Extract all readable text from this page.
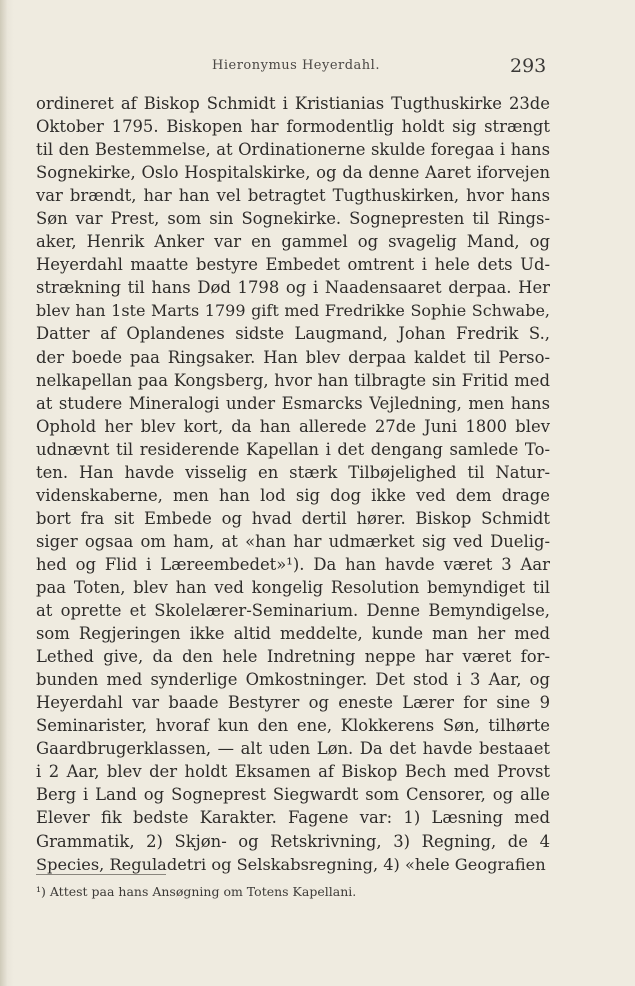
Hieronymus Heyerdahl.	293
ordineret af Biskop Schmidt i Kristianias Tugthuskirke 23de
Oktober 1795. Biskopen har formodentlig holdt sig strængt
til den Bestemmelse, at Ordinationerne skulde foregaa i hans
Sognekirke, Oslo Hospitalskirke, og da denne Aaret iforvejen
var brændt, har han vel betragtet Tugthuskirken, hvor hans
Søn var Prest, som sin Sognekirke. Sognepresten til Rings-
aker, Henrik Anker var en gammel og svagelig Mand, og
Heyerdahl maatte bestyre Embedet omtrent i hele dets Ud-
strækning til hans Død 1798 og i Naadensaaret derpaa. Her
blev han 1ste Marts 1799 gift med Fredrikke Sophie Schwabe,
Datter af Oplandenes sidste Laugmand, Johan Fredrik S.,
der boede paa Ringsaker. Han blev derpaa kaldet til Perso-
nelkapellan paa Kongsberg, hvor han tilbragte sin Fritid med
at studere Mineralogi under Esmarcks Vejledning, men hans
Ophold her blev kort, da han allerede 27de Juni 1800 blev
udnævnt til residerende Kapellan i det dengang samlede To-
ten. Han havde visselig en stærk Tilbøjelighed til Natur-
videnskaberne, men han lod sig dog ikke ved dem drage
bort fra sit Embede og hvad dertil hører. Biskop Schmidt
siger ogsaa om ham, at «han har udmærket sig ved Duelig-
hed og Flid i Læreembedet»¹). Da han havde været 3 Aar
paa Toten, blev han ved kongelig Resolution bemyndiget til
at oprette et Skolelærer-Seminarium. Denne Bemyndigelse,
som Regjeringen ikke altid meddelte, kunde man her med
Lethed give, da den hele Indretning neppe har været for-
bunden med synderlige Omkostninger. Det stod i 3 Aar, og
Heyerdahl var baade Bestyrer og eneste Lærer for sine 9
Seminarister, hvoraf kun den ene, Klokkerens Søn, tilhørte
Gaardbrugerklassen, — alt uden Løn. Da det havde bestaaet
i 2 Aar, blev der holdt Eksamen af Biskop Bech med Provst
Berg i Land og Sogneprest Siegwardt som Censorer, og alle
Elever fik bedste Karakter. Fagene var: 1) Læsning med
Grammatik, 2) Skjøn- og Retskrivning, 3) Regning, de 4
Species, Reguladetri og Selskabsregning, 4) «hele Geografien
¹) Attest paa hans Ansøgning om Totens Kapellani.
